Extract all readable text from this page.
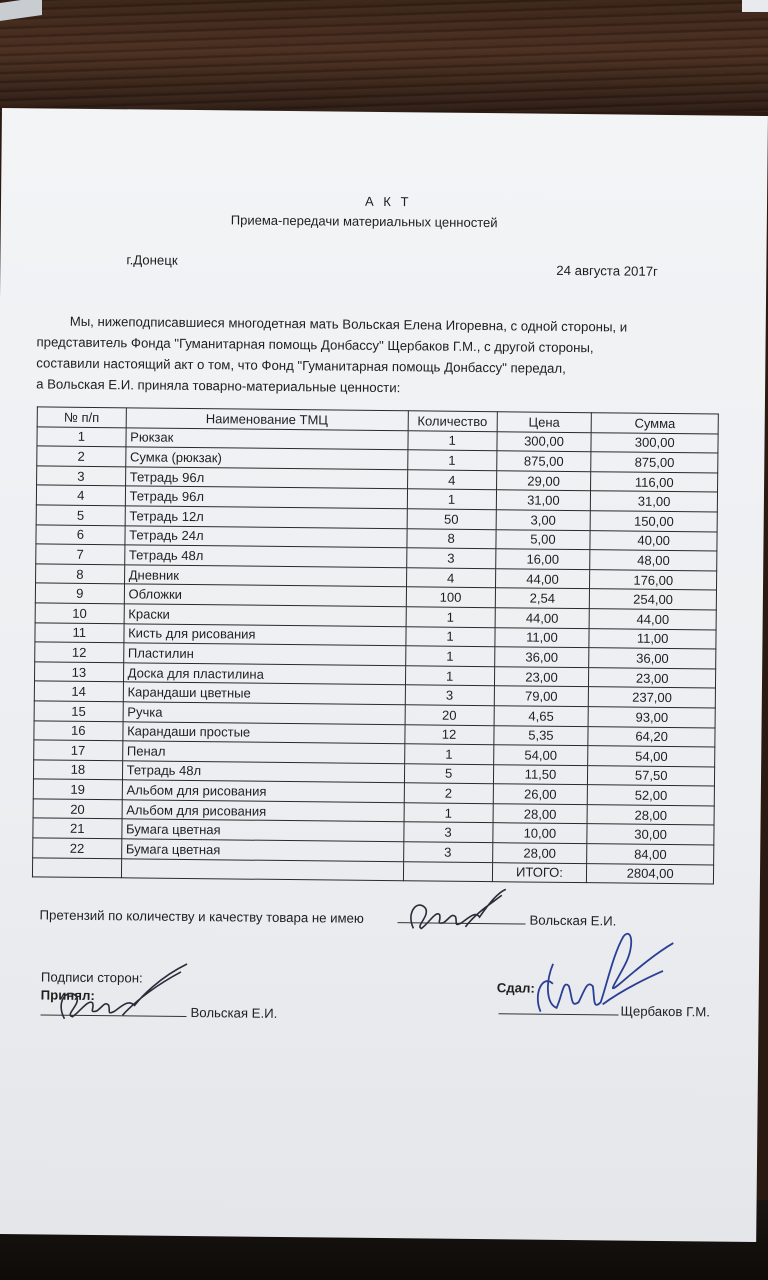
А К Т
Приема-передачи материальных ценностей
г.Донецк
24 августа 2017г
Мы, нижеподписавшиеся многодетная мать Вольская Елена Игоревна, с одной стороны, и
представитель Фонда "Гуманитарная помощь Донбассу" Щербаков Г.М., с другой стороны,
составили настоящий акт о том, что Фонд "Гуманитарная помощь Донбассу" передал,
а Вольская Е.И. приняла товарно-материальные ценности:
№ п/п	Наименование ТМЦ	Количество	Цена	Сумма
1	Рюкзак	1	300,00	300,00
2	Сумка (рюкзак)	1	875,00	875,00
3	Тетрадь 96л	4	29,00	116,00
4	Тетрадь 96л	1	31,00	31,00
5	Тетрадь 12л	50	3,00	150,00
6	Тетрадь 24л	8	5,00	40,00
7	Тетрадь 48л	3	16,00	48,00
8	Дневник	4	44,00	176,00
9	Обложки	100	2,54	254,00
10	Краски	1	44,00	44,00
11	Кисть для рисования	1	11,00	11,00
12	Пластилин	1	36,00	36,00
13	Доска для пластилина	1	23,00	23,00
14	Карандаши цветные	3	79,00	237,00
15	Ручка	20	4,65	93,00
16	Карандаши простые	12	5,35	64,20
17	Пенал	1	54,00	54,00
18	Тетрадь 48л	5	11,50	57,50
19	Альбом для рисования	2	26,00	52,00
20	Альбом для рисования	1	28,00	28,00
21	Бумага цветная	3	10,00	30,00
22	Бумага цветная	3	28,00	84,00
			ИТОГО:	2804,00
Претензий по количеству и качеству товара не имею	Вольская Е.И.
Подписи сторон:
Принял:
Вольская Е.И.
Сдал:
Щербаков Г.М.
